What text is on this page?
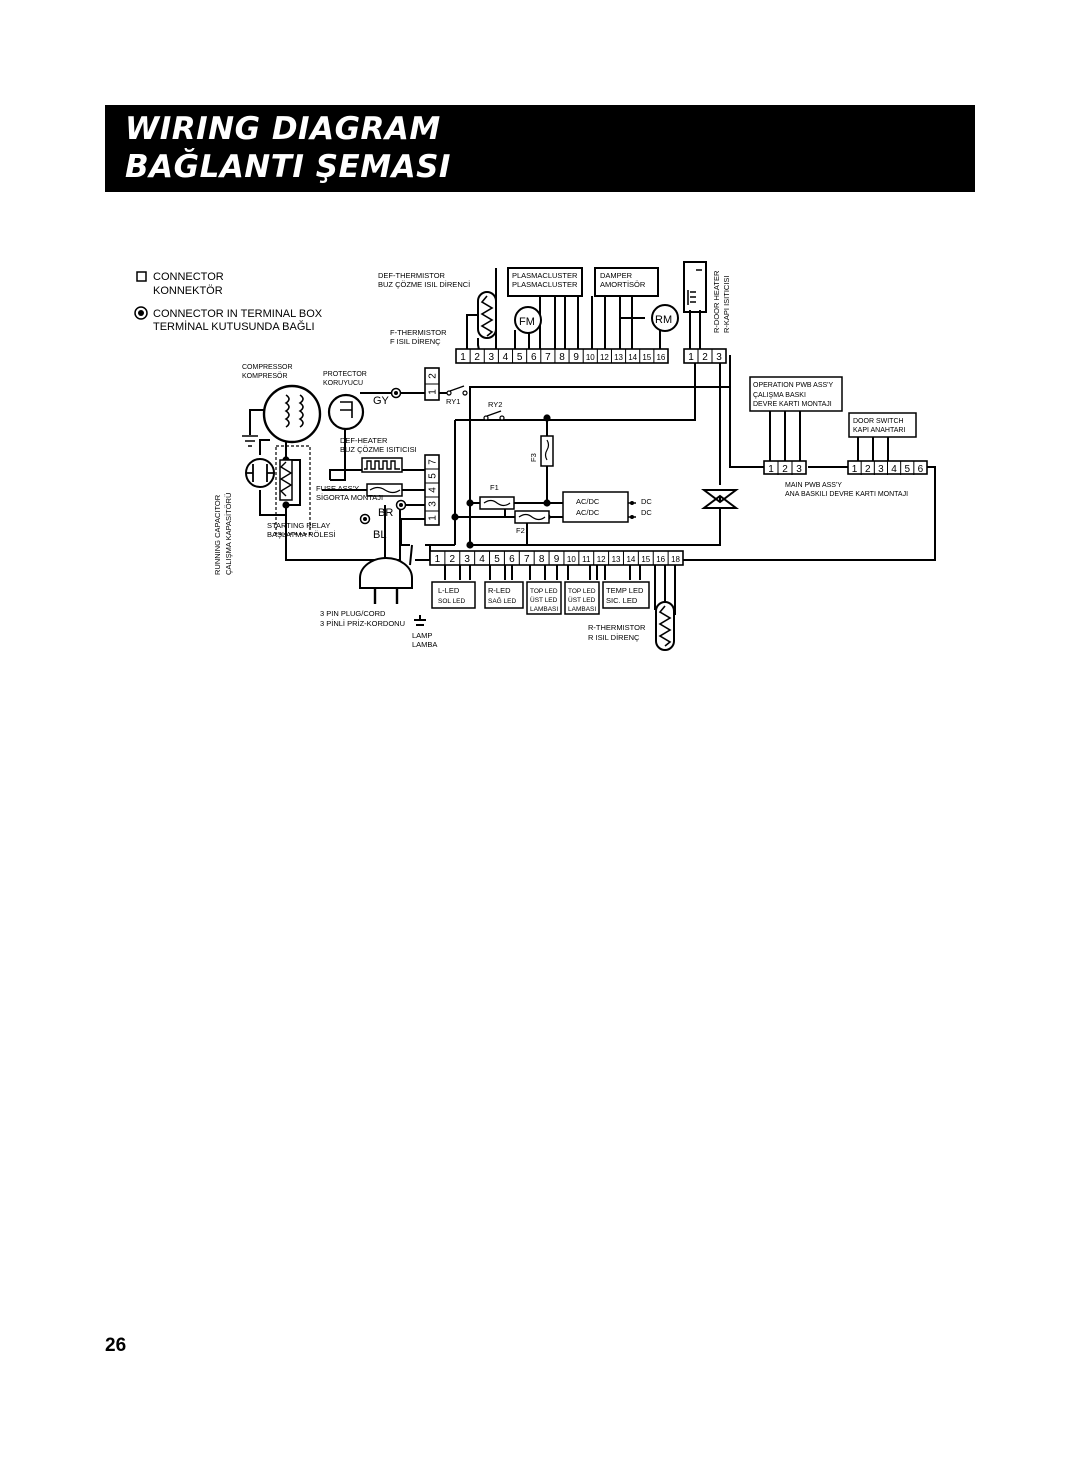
WIRING DIAGRAM
BAĞLANTI ŞEMASI
CONNECTOR
KONNEKTÖR
CONNECTOR IN TERMINAL BOX
TERMİNAL KUTUSUNDA BAĞLI
DEF-THERMISTOR
BUZ ÇÖZME ISIL DİRENCİ
PLASMACLUSTER
PLASMACLUSTER
DAMPER
AMORTİSÖR
FM	RM	R-DOOR HEATER R-KAPI ISITICISI
F-THERMISTOR
F ISIL DİRENÇ
1 2 3 4 5 6 7 8 9 10 12 13 14 15 16 1 2 3
COMPRESSOR
KOMPRESÖR	PROTECTOR
KORUYUCU
GY
1
2
1
3
4
5
7
RY1	RY2
F3
DEF-HEATER
BUZ ÇÖZME ISITICISI
FUSE ASS'Y
SİGORTA MONTAJI
BR
BL
F1
F2
AC/DC
AC/DC
DC
DC
STARTING RELAY
BAŞLATMA RÖLESİ
RUNNING CAPACITOR ÇALIŞMA KAPASİTÖRÜ
3 PIN PLUG/CORD
3 PİNLİ PRİZ-KORDONU
LAMP
LAMBA
1 2 3 4 5 6 7 8 9 10 11 12 13 14 15 16 18
L-LED
SOL LED
R-LED
SAĞ LED
TOP LED
ÜST LED
LAMBASI
TOP LED
ÜST LED
LAMBASI
TEMP LED
SIC. LED
R-THERMISTOR
R ISIL DİRENÇ
OPERATION PWB ASS'Y
ÇALIŞMA BASKI
DEVRE KARTI MONTAJI
1 2 3
DOOR SWITCH
KAPI ANAHTARI
1 2 3 4 5 6
MAIN PWB ASS'Y
ANA BASKILI DEVRE KARTI MONTAJI
26
